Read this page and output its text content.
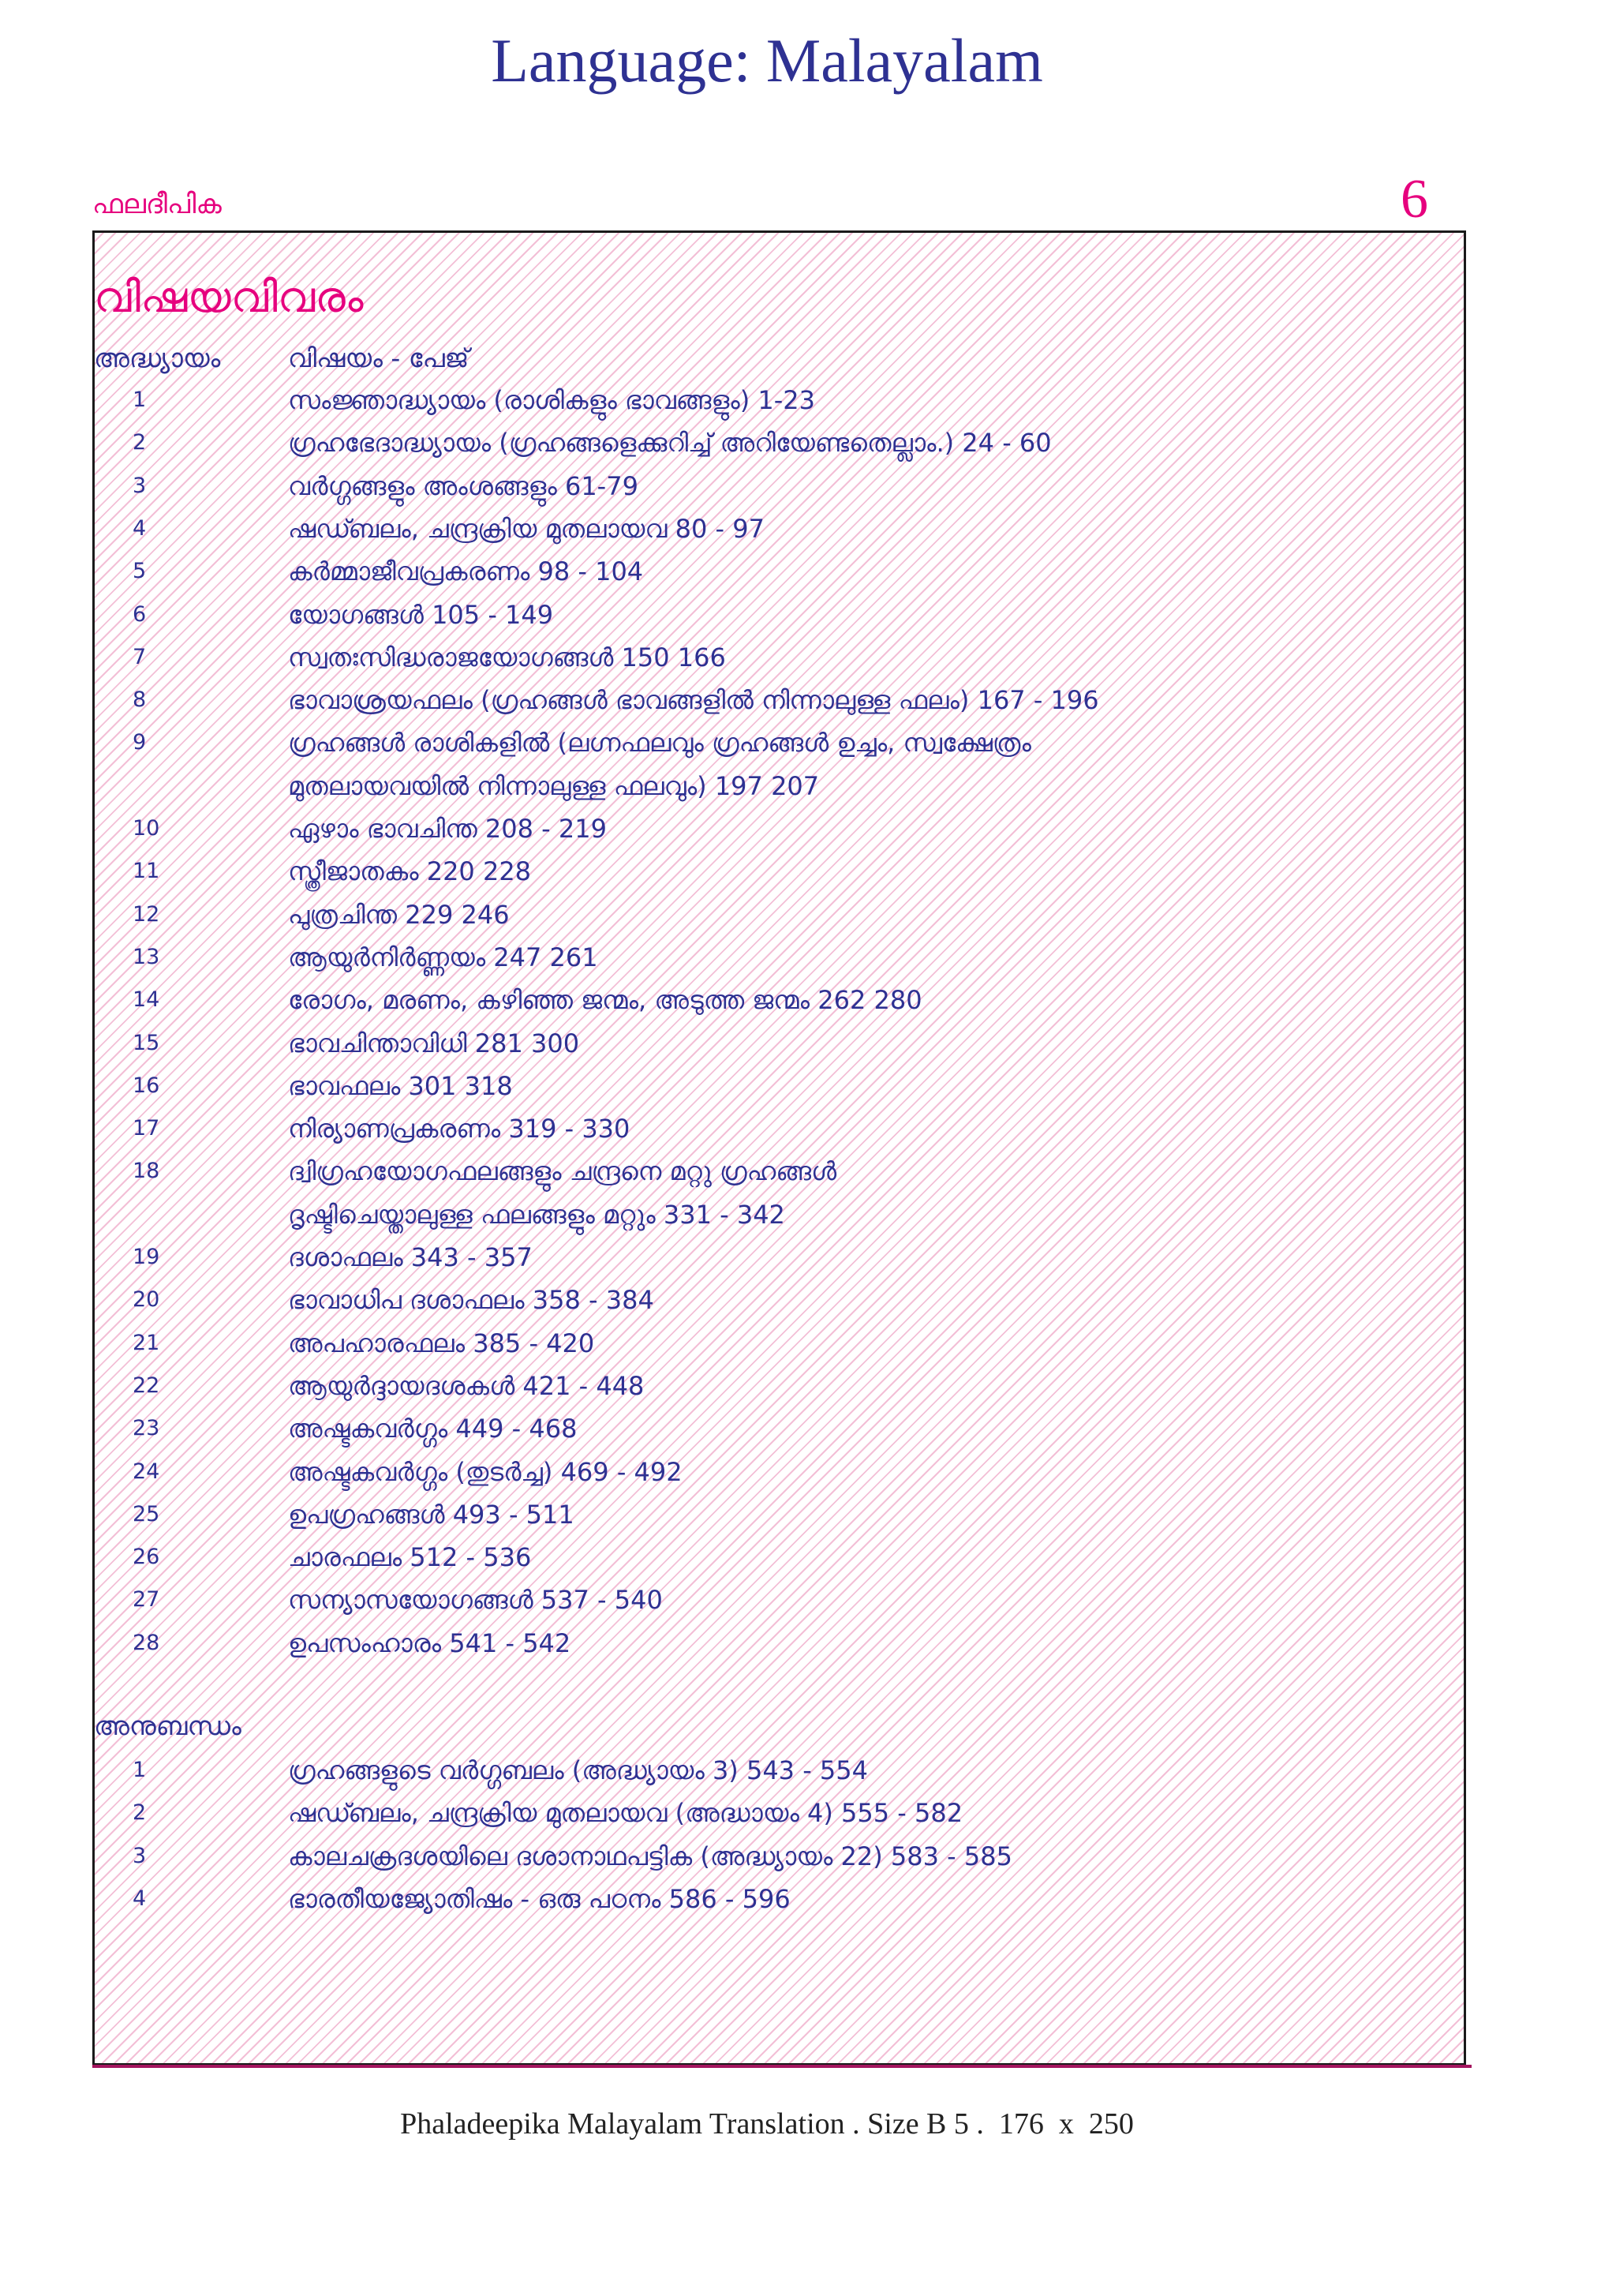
Language: Malayalam
ഫലദീപിക	6
വിഷയവിവരം
അദ്ധ്യായം	വിഷയം - പേജ്
1	സംജ്ഞാദ്ധ്യായം (രാശികളും ഭാവങ്ങളും) 1-23
2	ഗ്രഹഭേദാദ്ധ്യായം (ഗ്രഹങ്ങളെക്കുറിച്ച് അറിയേണ്ടതെല്ലാം.) 24 - 60
3	വർഗ്ഗങ്ങളും അംശങ്ങളും 61-79
4	ഷഡ്ബലം, ചന്ദ്രക്രിയ മുതലായവ 80 - 97
5	കർമ്മാജീവപ്രകരണം 98 - 104
6	യോഗങ്ങൾ 105 - 149
7	സ്വതഃസിദ്ധരാജയോഗങ്ങൾ 150 166
8	ഭാവാശ്രയഫലം (ഗ്രഹങ്ങൾ ഭാവങ്ങളിൽ നിന്നാലുള്ള ഫലം) 167 - 196
9	ഗ്രഹങ്ങൾ രാശികളിൽ (ലഗ്നഫലവും ഗ്രഹങ്ങൾ ഉച്ചം, സ്വക്ഷേത്രം
മുതലായവയിൽ നിന്നാലുള്ള ഫലവും) 197 207
10	ഏഴാം ഭാവചിന്ത 208 - 219
11	സ്ത്രീജാതകം 220 228
12	പുത്രചിന്ത 229 246
13	ആയുർനിർണ്ണയം 247 261
14	രോഗം, മരണം, കഴിഞ്ഞ ജന്മം, അടുത്ത ജന്മം 262 280
15	ഭാവചിന്താവിധി 281 300
16	ഭാവഫലം 301 318
17	നിര്യാണപ്രകരണം 319 - 330
18	ദ്വിഗ്രഹയോഗഫലങ്ങളും ചന്ദ്രനെ മറ്റു ഗ്രഹങ്ങൾ
ദൃഷ്ടിചെയ്താലുള്ള ഫലങ്ങളും മറ്റും 331 - 342
19	ദശാഫലം 343 - 357
20	ഭാവാധിപ ദശാഫലം 358 - 384
21	അപഹാരഫലം 385 - 420
22	ആയുർദ്ദായദശകൾ 421 - 448
23	അഷ്ടകവർഗ്ഗം 449 - 468
24	അഷ്ടകവർഗ്ഗം (തുടർച്ച) 469 - 492
25	ഉപഗ്രഹങ്ങൾ 493 - 511
26	ചാരഫലം 512 - 536
27	സന്യാസയോഗങ്ങൾ 537 - 540
28	ഉപസംഹാരം 541 - 542
അനുബന്ധം
1	ഗ്രഹങ്ങളുടെ വർഗ്ഗബലം (അദ്ധ്യായം 3) 543 - 554
2	ഷഡ്ബലം, ചന്ദ്രക്രിയ മുതലായവ (അദ്ധായം 4) 555 - 582
3	കാലചക്രദശയിലെ ദശാനാഥപട്ടിക (അദ്ധ്യായം 22) 583 - 585
4	ഭാരതീയജ്യോതിഷം - ഒരു പഠനം 586 - 596
Phaladeepika Malayalam Translation . Size B 5 .  176  x  250
